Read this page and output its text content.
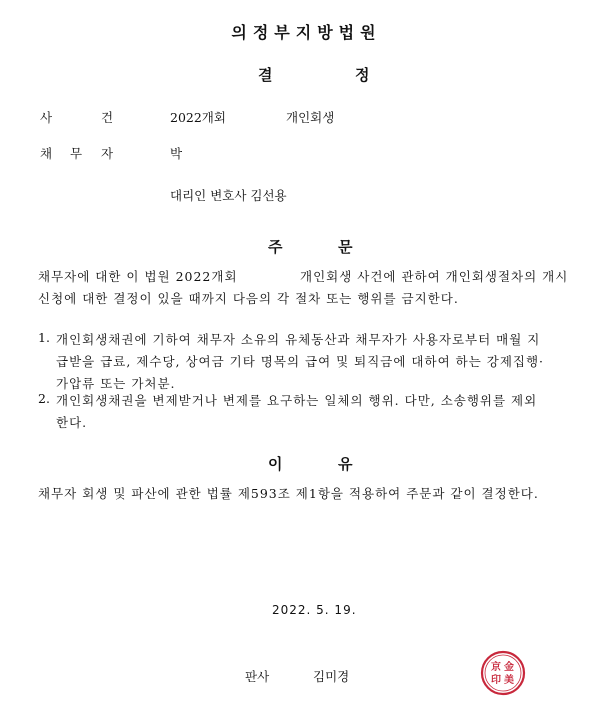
의정부지방법원
결	정
사	건	2022개회	개인회생
채 무 자	박
대리인 변호사 김선용
주	문
채무자에 대한 이 법원 2022개회	개인회생 사건에 관하여 개인회생절차의 개시
신청에 대한 결정이 있을 때까지 다음의 각 절차 또는 행위를 금지한다.
1. 개인회생채권에 기하여 채무자 소유의 유체동산과 채무자가 사용자로부터 매월 지
급받을 급료, 제수당, 상여금 기타 명목의 급여 및 퇴직금에 대하여 하는 강제집행·
가압류 또는 가처분.
2. 개인회생채권을 변제받거나 변제를 요구하는 일체의 행위. 다만, 소송행위를 제외
한다.
이	유
채무자 회생 및 파산에 관한 법률 제593조 제1항을 적용하여 주문과 같이 결정한다.
2022. 5. 19.
판사	김미경
金
美
京
印
